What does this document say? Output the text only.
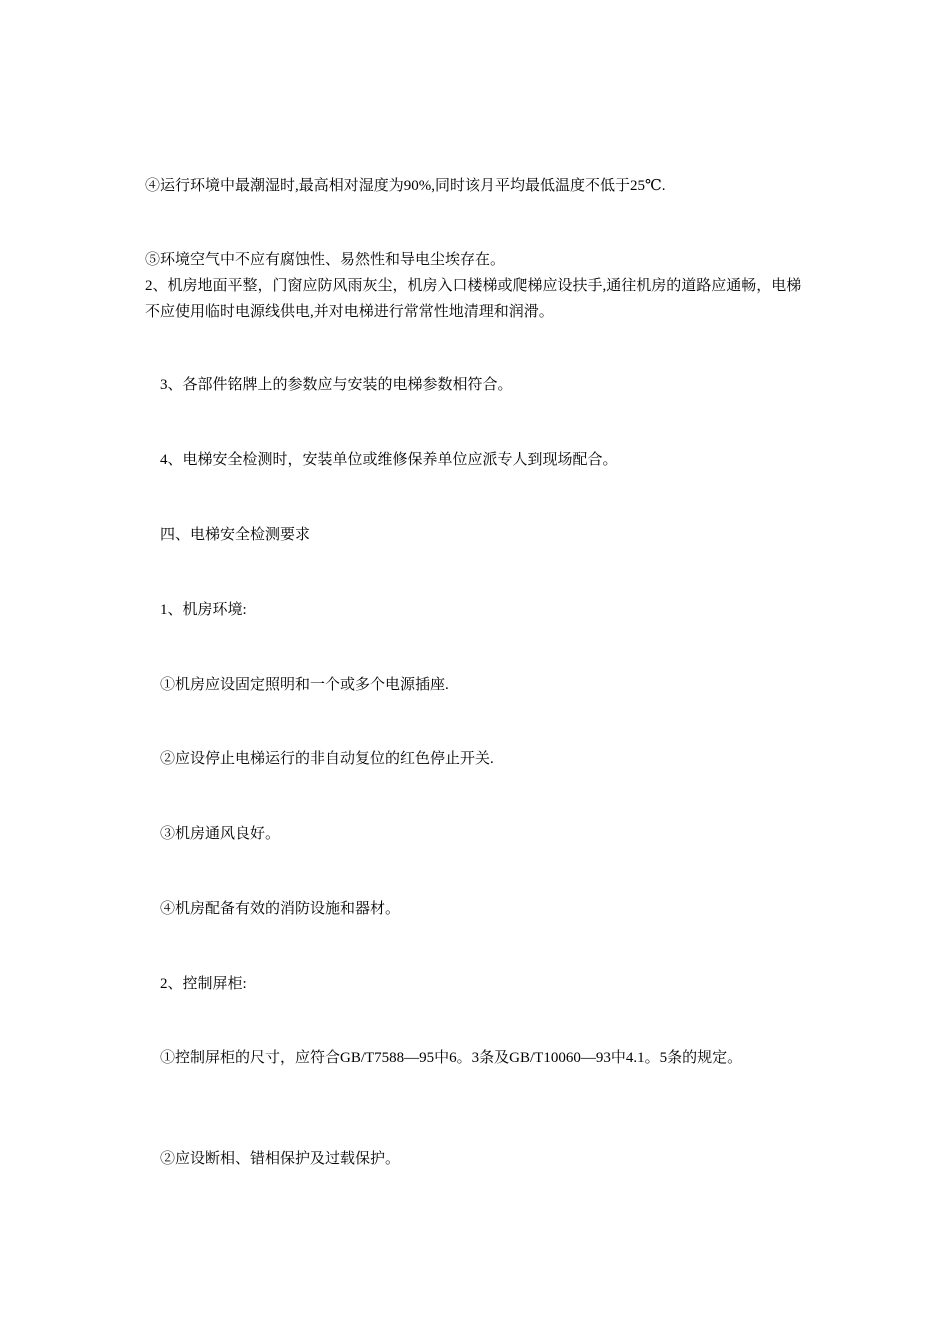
④运行环境中最潮湿时,最高相对湿度为90%,同时该月平均最低温度不低于25℃.
⑤环境空气中不应有腐蚀性、易然性和导电尘埃存在。
2、机房地面平整，门窗应防风雨灰尘，机房入口楼梯或爬梯应设扶手,通往机房的道路应通畅，电梯不应使用临时电源线供电,并对电梯进行常常性地清理和润滑。
3、各部件铭牌上的参数应与安装的电梯参数相符合。
4、电梯安全检测时，安装单位或维修保养单位应派专人到现场配合。
四、电梯安全检测要求
1、机房环境:
①机房应设固定照明和一个或多个电源插座.
②应设停止电梯运行的非自动复位的红色停止开关.
③机房通风良好。
④机房配备有效的消防设施和器材。
2、控制屏柜:
①控制屏柜的尺寸，应符合GB/T7588—95中6。3条及GB/T10060—93中4.1。5条的规定。
②应设断相、错相保护及过载保护。
